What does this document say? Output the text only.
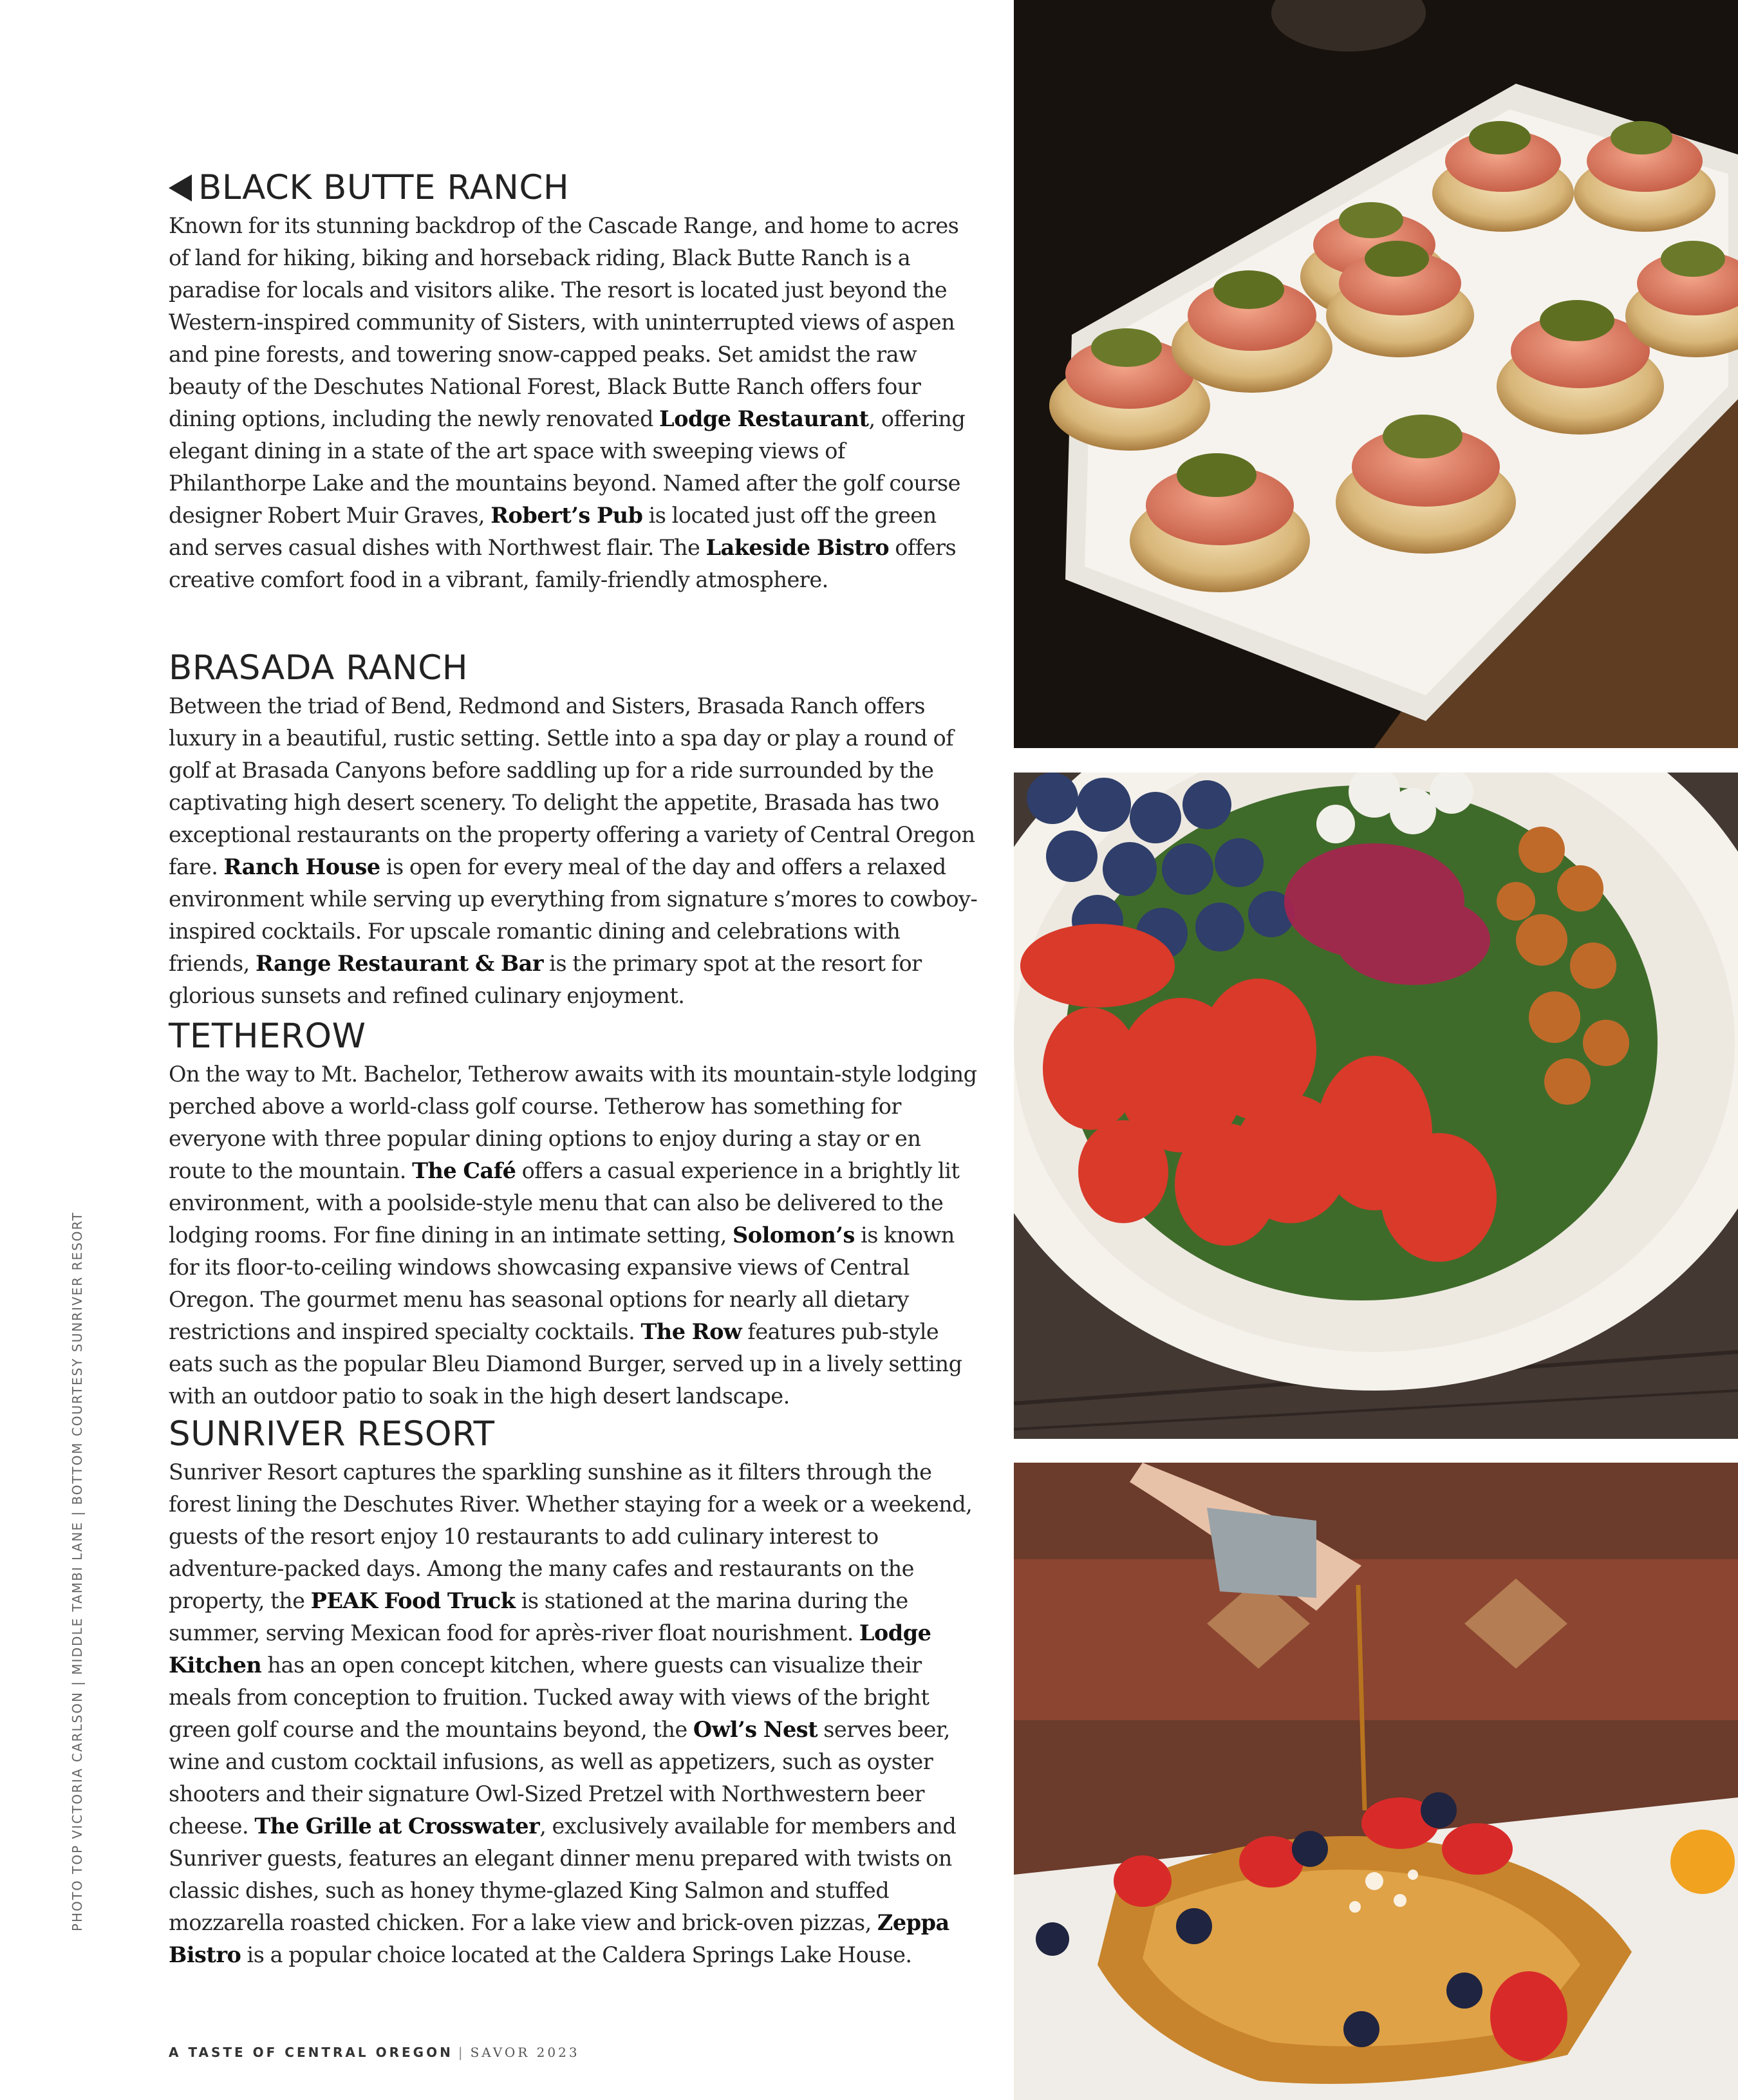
BLACK BUTTE RANCH

Known for its stunning backdrop of the Cascade Range, and home to acres of land for hiking, biking and horseback riding, Black Butte Ranch is a paradise for locals and visitors alike. The resort is located just beyond the Western-inspired community of Sisters, with uninterrupted views of aspen and pine forests, and towering snow-capped peaks. Set amidst the raw beauty of the Deschutes National Forest, Black Butte Ranch offers four dining options, including the newly renovated Lodge Restaurant, offering elegant dining in a state of the art space with sweeping views of Philanthorpe Lake and the mountains beyond. Named after the golf course designer Robert Muir Graves, Robert’s Pub is located just off the green and serves casual dishes with Northwest flair. The Lakeside Bistro offers creative comfort food in a vibrant, family-friendly atmosphere.

BRASADA RANCH

Between the triad of Bend, Redmond and Sisters, Brasada Ranch offers luxury in a beautiful, rustic setting. Settle into a spa day or play a round of golf at Brasada Canyons before saddling up for a ride surrounded by the captivating high desert scenery. To delight the appetite, Brasada has two exceptional restaurants on the property offering a variety of Central Oregon fare. Ranch House is open for every meal of the day and offers a relaxed environment while serving up everything from signature s’mores to cowboy-inspired cocktails. For upscale romantic dining and celebrations with friends, Range Restaurant & Bar is the primary spot at the resort for glorious sunsets and refined culinary enjoyment.

TETHEROW

On the way to Mt. Bachelor, Tetherow awaits with its mountain-style lodging perched above a world-class golf course. Tetherow has something for everyone with three popular dining options to enjoy during a stay or en route to the mountain. The Café offers a casual experience in a brightly lit environment, with a poolside-style menu that can also be delivered to the lodging rooms. For fine dining in an intimate setting, Solomon’s is known for its floor-to-ceiling windows showcasing expansive views of Central Oregon. The gourmet menu has seasonal options for nearly all dietary restrictions and inspired specialty cocktails. The Row features pub-style eats such as the popular Bleu Diamond Burger, served up in a lively setting with an outdoor patio to soak in the high desert landscape.

SUNRIVER RESORT

Sunriver Resort captures the sparkling sunshine as it filters through the forest lining the Deschutes River. Whether staying for a week or a weekend, guests of the resort enjoy 10 restaurants to add culinary interest to adventure-packed days. Among the many cafes and restaurants on the property, the PEAK Food Truck is stationed at the marina during the summer, serving Mexican food for après-river float nourishment. Lodge Kitchen has an open concept kitchen, where guests can visualize their meals from conception to fruition. Tucked away with views of the bright green golf course and the mountains beyond, the Owl’s Nest serves beer, wine and custom cocktail infusions, as well as appetizers, such as oyster shooters and their signature Owl-Sized Pretzel with Northwestern beer cheese. The Grille at Crosswater, exclusively available for members and Sunriver guests, features an elegant dinner menu prepared with twists on classic dishes, such as honey thyme-glazed King Salmon and stuffed mozzarella roasted chicken. For a lake view and brick-oven pizzas, Zeppa Bistro is a popular choice located at the Caldera Springs Lake House.

PHOTO TOP VICTORIA CARLSON | MIDDLE TAMBI LANE | BOTTOM COURTESY SUNRIVER RESORT
A TASTE OF CENTRAL OREGON | SAVOR 2023
